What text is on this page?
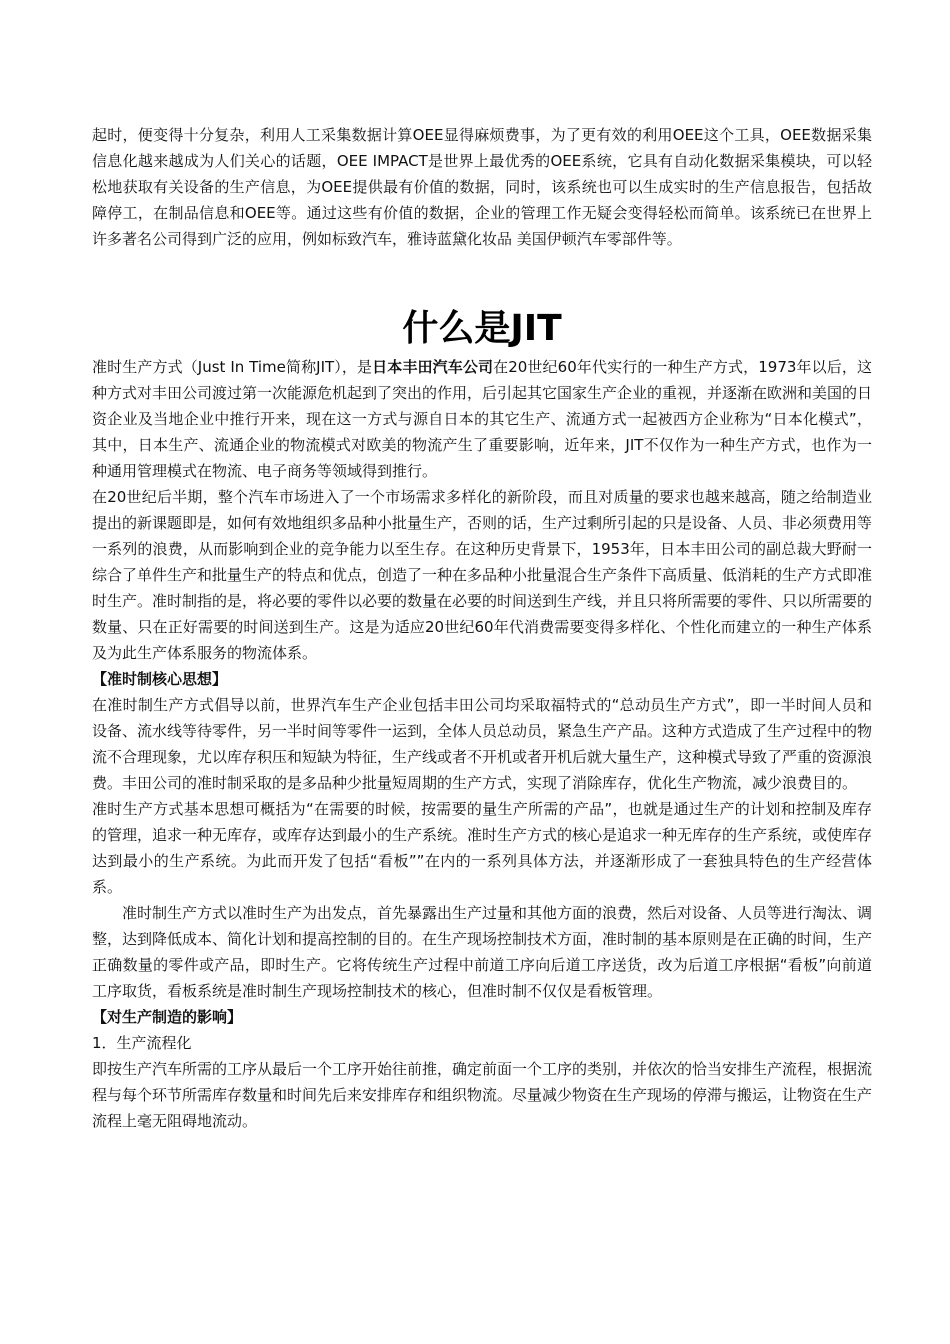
起时，便变得十分复杂，利用人工采集数据计算OEE显得麻烦费事，为了更有效的利用OEE这个工具，OEE数据采集信息化越来越成为人们关心的话题，OEE IMPACT是世界上最优秀的OEE系统，它具有自动化数据采集模块，可以轻松地获取有关设备的生产信息，为OEE提供最有价值的数据，同时，该系统也可以生成实时的生产信息报告，包括故障停工，在制品信息和OEE等。通过这些有价值的数据，企业的管理工作无疑会变得轻松而简单。该系统已在世界上许多著名公司得到广泛的应用，例如标致汽车，雅诗蓝黛化妆品 美国伊顿汽车零部件等。

什么是JIT

准时生产方式（Just In Time简称JIT），是日本丰田汽车公司在20世纪60年代实行的一种生产方式，1973年以后，这种方式对丰田公司渡过第一次能源危机起到了突出的作用，后引起其它国家生产企业的重视，并逐渐在欧洲和美国的日资企业及当地企业中推行开来，现在这一方式与源自日本的其它生产、流通方式一起被西方企业称为“日本化模式”，其中，日本生产、流通企业的物流模式对欧美的物流产生了重要影响，近年来，JIT不仅作为一种生产方式，也作为一种通用管理模式在物流、电子商务等领域得到推行。

在20世纪后半期，整个汽车市场进入了一个市场需求多样化的新阶段，而且对质量的要求也越来越高，随之给制造业提出的新课题即是，如何有效地组织多品种小批量生产，否则的话，生产过剩所引起的只是设备、人员、非必须费用等一系列的浪费，从而影响到企业的竞争能力以至生存。在这种历史背景下，1953年，日本丰田公司的副总裁大野耐一综合了单件生产和批量生产的特点和优点，创造了一种在多品种小批量混合生产条件下高质量、低消耗的生产方式即准时生产。准时制指的是，将必要的零件以必要的数量在必要的时间送到生产线，并且只将所需要的零件、只以所需要的数量、只在正好需要的时间送到生产。这是为适应20世纪60年代消费需要变得多样化、个性化而建立的一种生产体系及为此生产体系服务的物流体系。

【准时制核心思想】

在准时制生产方式倡导以前，世界汽车生产企业包括丰田公司均采取福特式的“总动员生产方式”，即一半时间人员和设备、流水线等待零件，另一半时间等零件一运到，全体人员总动员，紧急生产产品。这种方式造成了生产过程中的物流不合理现象，尤以库存积压和短缺为特征，生产线或者不开机或者开机后就大量生产，这种模式导致了严重的资源浪费。丰田公司的准时制采取的是多品种少批量短周期的生产方式，实现了消除库存，优化生产物流，减少浪费目的。

准时生产方式基本思想可概括为“在需要的时候，按需要的量生产所需的产品”，也就是通过生产的计划和控制及库存的管理，追求一种无库存，或库存达到最小的生产系统。准时生产方式的核心是追求一种无库存的生产系统，或使库存达到最小的生产系统。为此而开发了包括“看板””在内的一系列具体方法，并逐渐形成了一套独具特色的生产经营体系。

准时制生产方式以准时生产为出发点，首先暴露出生产过量和其他方面的浪费，然后对设备、人员等进行淘汰、调整，达到降低成本、简化计划和提高控制的目的。在生产现场控制技术方面，准时制的基本原则是在正确的时间，生产正确数量的零件或产品，即时生产。它将传统生产过程中前道工序向后道工序送货，改为后道工序根据“看板”向前道工序取货，看板系统是准时制生产现场控制技术的核心，但准时制不仅仅是看板管理。

【对生产制造的影响】

1．生产流程化

即按生产汽车所需的工序从最后一个工序开始往前推，确定前面一个工序的类别，并依次的恰当安排生产流程，根据流程与每个环节所需库存数量和时间先后来安排库存和组织物流。尽量减少物资在生产现场的停滞与搬运，让物资在生产流程上毫无阻碍地流动。
